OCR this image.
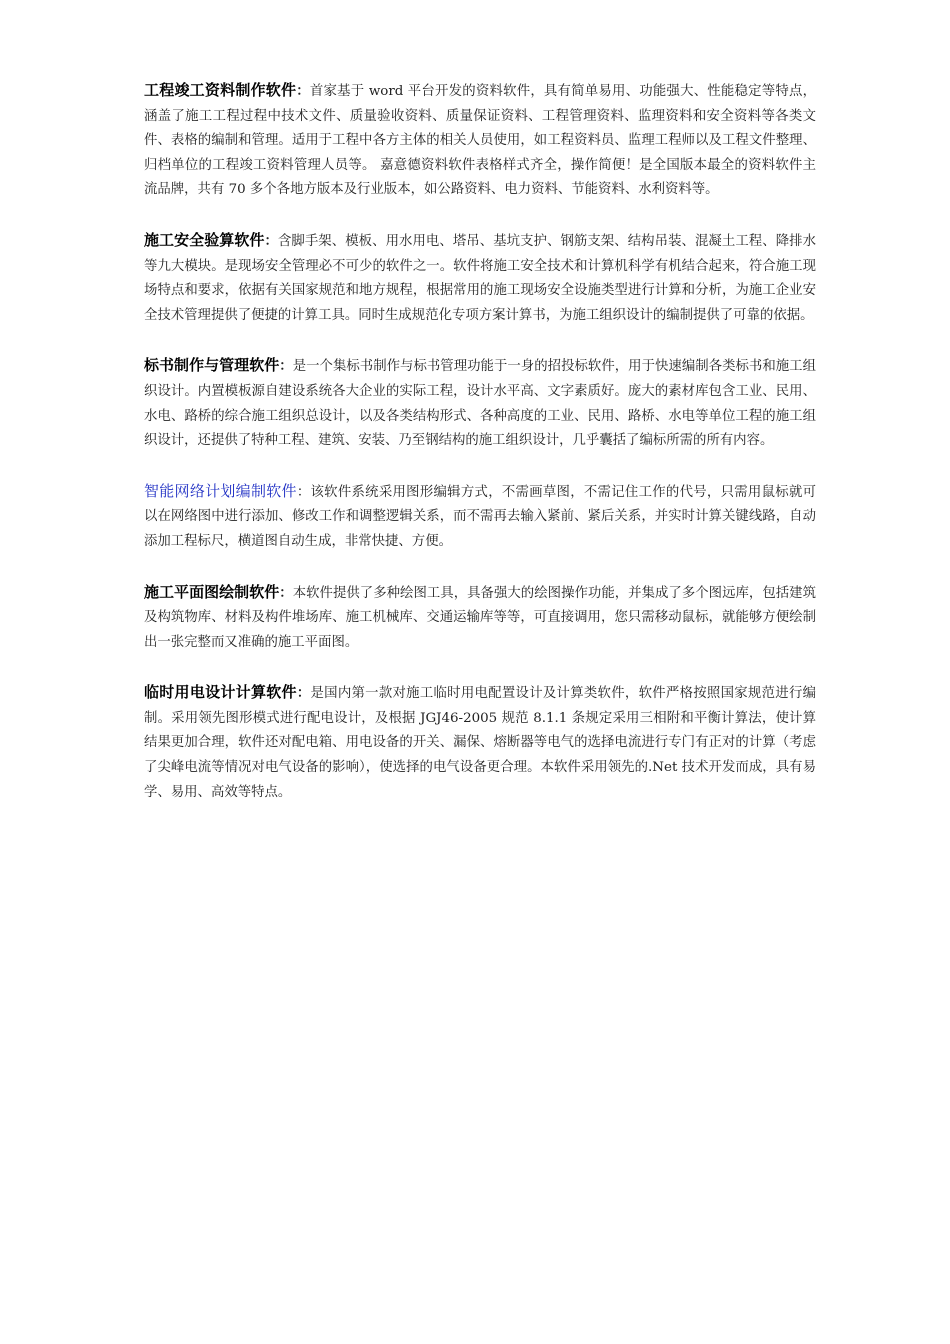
工程竣工资料制作软件：首家基于 word 平台开发的资料软件，具有简单易用、功能强大、性能稳定等特点，涵盖了施工工程过程中技术文件、质量验收资料、质量保证资料、工程管理资料、监理资料和安全资料等各类文件、表格的编制和管理。适用于工程中各方主体的相关人员使用，如工程资料员、监理工程师以及工程文件整理、归档单位的工程竣工资料管理人员等。 嘉意德资料软件表格样式齐全，操作简便！是全国版本最全的资料软件主流品牌，共有 70 多个各地方版本及行业版本，如公路资料、电力资料、节能资料、水利资料等。

施工安全验算软件：含脚手架、模板、用水用电、塔吊、基坑支护、钢筋支架、结构吊装、混凝土工程、降排水等九大模块。是现场安全管理必不可少的软件之一。软件将施工安全技术和计算机科学有机结合起来，符合施工现场特点和要求，依据有关国家规范和地方规程，根据常用的施工现场安全设施类型进行计算和分析，为施工企业安全技术管理提供了便捷的计算工具。同时生成规范化专项方案计算书，为施工组织设计的编制提供了可靠的依据。

标书制作与管理软件：是一个集标书制作与标书管理功能于一身的招投标软件，用于快速编制各类标书和施工组织设计。内置模板源自建设系统各大企业的实际工程，设计水平高、文字素质好。庞大的素材库包含工业、民用、水电、路桥的综合施工组织总设计，以及各类结构形式、各种高度的工业、民用、路桥、水电等单位工程的施工组织设计，还提供了特种工程、建筑、安装、乃至钢结构的施工组织设计，几乎囊括了编标所需的所有内容。

智能网络计划编制软件：该软件系统采用图形编辑方式，不需画草图，不需记住工作的代号，只需用鼠标就可以在网络图中进行添加、修改工作和调整逻辑关系，而不需再去输入紧前、紧后关系，并实时计算关键线路，自动添加工程标尺，横道图自动生成，非常快捷、方便。

施工平面图绘制软件：本软件提供了多种绘图工具，具备强大的绘图操作功能，并集成了多个图远库，包括建筑及构筑物库、材料及构件堆场库、施工机械库、交通运输库等等，可直接调用，您只需移动鼠标，就能够方便绘制出一张完整而又准确的施工平面图。

临时用电设计计算软件：是国内第一款对施工临时用电配置设计及计算类软件，软件严格按照国家规范进行编制。采用领先图形模式进行配电设计，及根据 JGJ46-2005 规范 8.1.1 条规定采用三相附和平衡计算法，使计算结果更加合理，软件还对配电箱、用电设备的开关、漏保、熔断器等电气的选择电流进行专门有正对的计算（考虑了尖峰电流等情况对电气设备的影响），使选择的电气设备更合理。本软件采用领先的.Net 技术开发而成，具有易学、易用、高效等特点。
